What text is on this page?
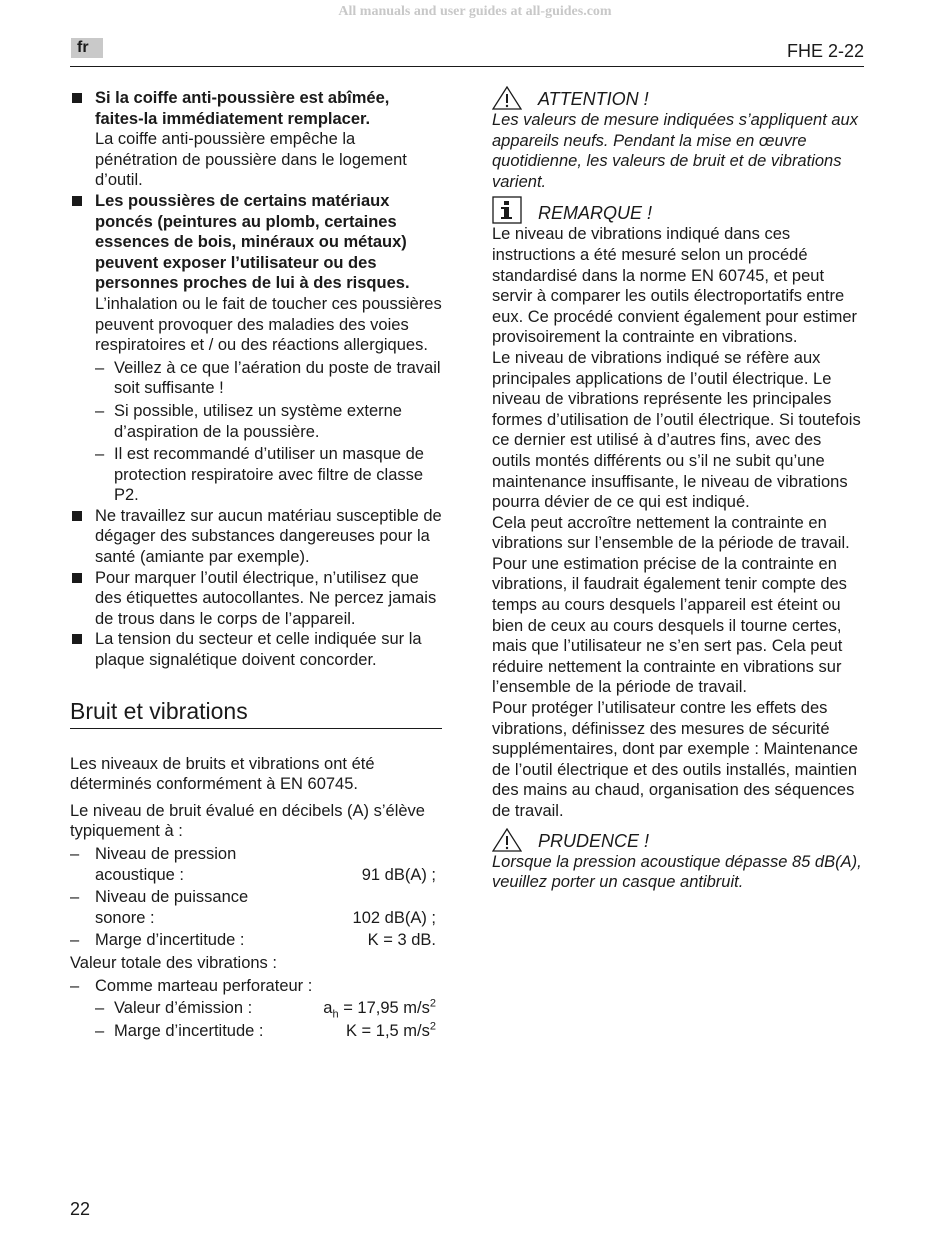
All manuals and user guides at all-guides.com
fr	FHE 2-22
Si la coiffe anti-poussière est abîmée, faites-la immédiatement remplacer.
La coiffe anti-poussière empêche la pénétration de poussière dans le logement d’outil.
Les poussières de certains matériaux poncés (peintures au plomb, certaines essences de bois, minéraux ou métaux) peuvent exposer l’utilisateur ou des personnes proches de lui à des risques.
L’inhalation ou le fait de toucher ces poussières peuvent provoquer des maladies des voies respiratoires et / ou des réactions allergiques.
– Veillez à ce que l’aération du poste de travail soit suffisante !
– Si possible, utilisez un système externe d’aspiration de la poussière.
– Il est recommandé d’utiliser un masque de protection respiratoire avec filtre de classe P2.
Ne travaillez sur aucun matériau susceptible de dégager des substances dangereuses pour la santé (amiante par exemple).
Pour marquer l’outil électrique, n’utilisez que des étiquettes autocollantes. Ne percez jamais de trous dans le corps de l’appareil.
La tension du secteur et celle indiquée sur la plaque signalétique doivent concorder.
Bruit et vibrations
Les niveaux de bruits et vibrations ont été déterminés conformément à EN 60745.
Le niveau de bruit évalué en décibels (A) s’élève typiquement à :
– Niveau de pression
acoustique :	91 dB(A) ;
– Niveau de puissance
sonore :	102 dB(A) ;
– Marge d’incertitude :	K = 3 dB.
Valeur totale des vibrations :
– Comme marteau perforateur :
– Valeur d’émission :	$a_h = 17,95$ $m/s^2$
– Marge d’incertitude :	K = 1,5 $m/s^2$
ATTENTION !
Les valeurs de mesure indiquées s’appliquent aux appareils neufs. Pendant la mise en œuvre quotidienne, les valeurs de bruit et de vibrations varient.
REMARQUE !
Le niveau de vibrations indiqué dans ces instructions a été mesuré selon un procédé standardisé dans la norme EN 60745, et peut servir à comparer les outils électroportatifs entre eux. Ce procédé convient également pour estimer provisoirement la contrainte en vibrations.
Le niveau de vibrations indiqué se réfère aux principales applications de l’outil électrique. Le niveau de vibrations représente les principales formes d’utilisation de l’outil électrique. Si toutefois ce dernier est utilisé à d’autres fins, avec des outils montés différents ou s’il ne subit qu’une maintenance insuffisante, le niveau de vibrations pourra dévier de ce qui est indiqué.
Cela peut accroître nettement la contrainte en vibrations sur l’ensemble de la période de travail.
Pour une estimation précise de la contrainte en vibrations, il faudrait également tenir compte des temps au cours desquels l’appareil est éteint ou bien de ceux au cours desquels il tourne certes, mais que l’utilisateur ne s’en sert pas. Cela peut réduire nettement la contrainte en vibrations sur l’ensemble de la période de travail.
Pour protéger l’utilisateur contre les effets des vibrations, définissez des mesures de sécurité supplémentaires, dont par exemple : Maintenance de l’outil électrique et des outils installés, maintien des mains au chaud, organisation des séquences de travail.
PRUDENCE !
Lorsque la pression acoustique dépasse 85 dB(A), veuillez porter un casque antibruit.
22
